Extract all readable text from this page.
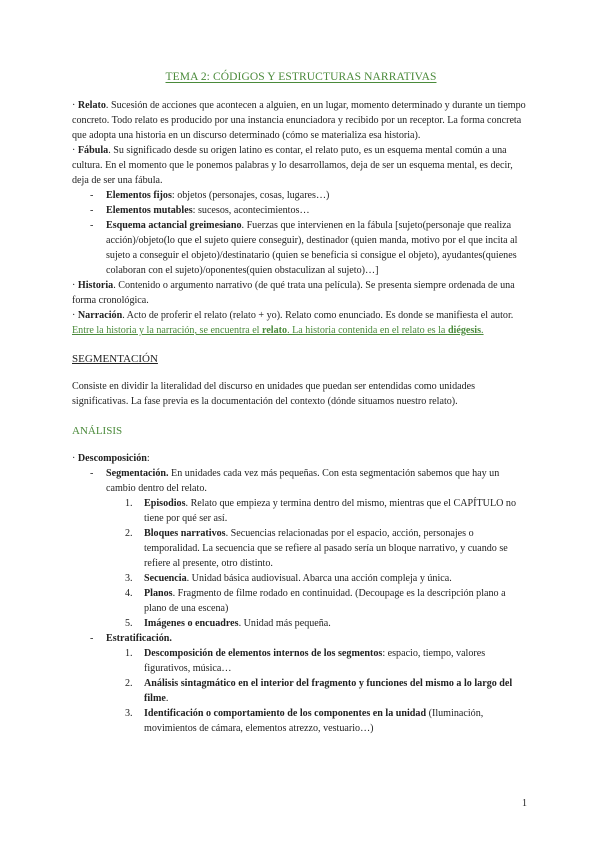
TEMA 2: CÓDIGOS Y ESTRUCTURAS NARRATIVAS

· Relato. Sucesión de acciones que acontecen a alguien, en un lugar, momento determinado y durante un tiempo concreto. Todo relato es producido por una instancia enunciadora y recibido por un receptor. La forma concreta que adopta una historia en un discurso determinado (cómo se materializa esa historia).

· Fábula. Su significado desde su origen latino es contar, el relato puto, es un esquema mental común a una cultura. En el momento que le ponemos palabras y lo desarrollamos, deja de ser un esquema mental, es decir, deja de ser una fábula.

- Elementos fijos: objetos (personajes, cosas, lugares…)
- Elementos mutables: sucesos, acontecimientos…
- Esquema actancial greimesiano. Fuerzas que intervienen en la fábula [sujeto(personaje que realiza acción)/objeto(lo que el sujeto quiere conseguir), destinador (quien manda, motivo por el que incita al sujeto a conseguir el objeto)/destinatario (quien se beneficia si consigue el objeto), ayudantes(quienes colaboran con el sujeto)/oponentes(quien obstaculizan al sujeto)…]

· Historia. Contenido o argumento narrativo (de qué trata una película). Se presenta siempre ordenada de una forma cronológica.

· Narración. Acto de proferir el relato (relato + yo). Relato como enunciado. Es donde se manifiesta el autor.

Entre la historia y la narración, se encuentra el relato. La historia contenida en el relato es la diégesis.

SEGMENTACIÓN

Consiste en dividir la literalidad del discurso en unidades que puedan ser entendidas como unidades significativas. La fase previa es la documentación del contexto (dónde situamos nuestro relato).

ANÁLISIS

· Descomposición:

- Segmentación. En unidades cada vez más pequeñas. Con esta segmentación sabemos que hay un cambio dentro del relato.
1. Episodios. Relato que empieza y termina dentro del mismo, mientras que el CAPÍTULO no tiene por qué ser así.
2. Bloques narrativos. Secuencias relacionadas por el espacio, acción, personajes o temporalidad. La secuencia que se refiere al pasado sería un bloque narrativo, y cuando se refiere al presente, otro distinto.
3. Secuencia. Unidad básica audiovisual. Abarca una acción compleja y única.
4. Planos. Fragmento de filme rodado en continuidad. (Decoupage es la descripción plano a plano de una escena)
5. Imágenes o encuadres. Unidad más pequeña.
- Estratificación.
1. Descomposición de elementos internos de los segmentos: espacio, tiempo, valores figurativos, música…
2. Análisis sintagmático en el interior del fragmento y funciones del mismo a lo largo del filme.
3. Identificación o comportamiento de los componentes en la unidad (Iluminación, movimientos de cámara, elementos atrezzo, vestuario…)
1
